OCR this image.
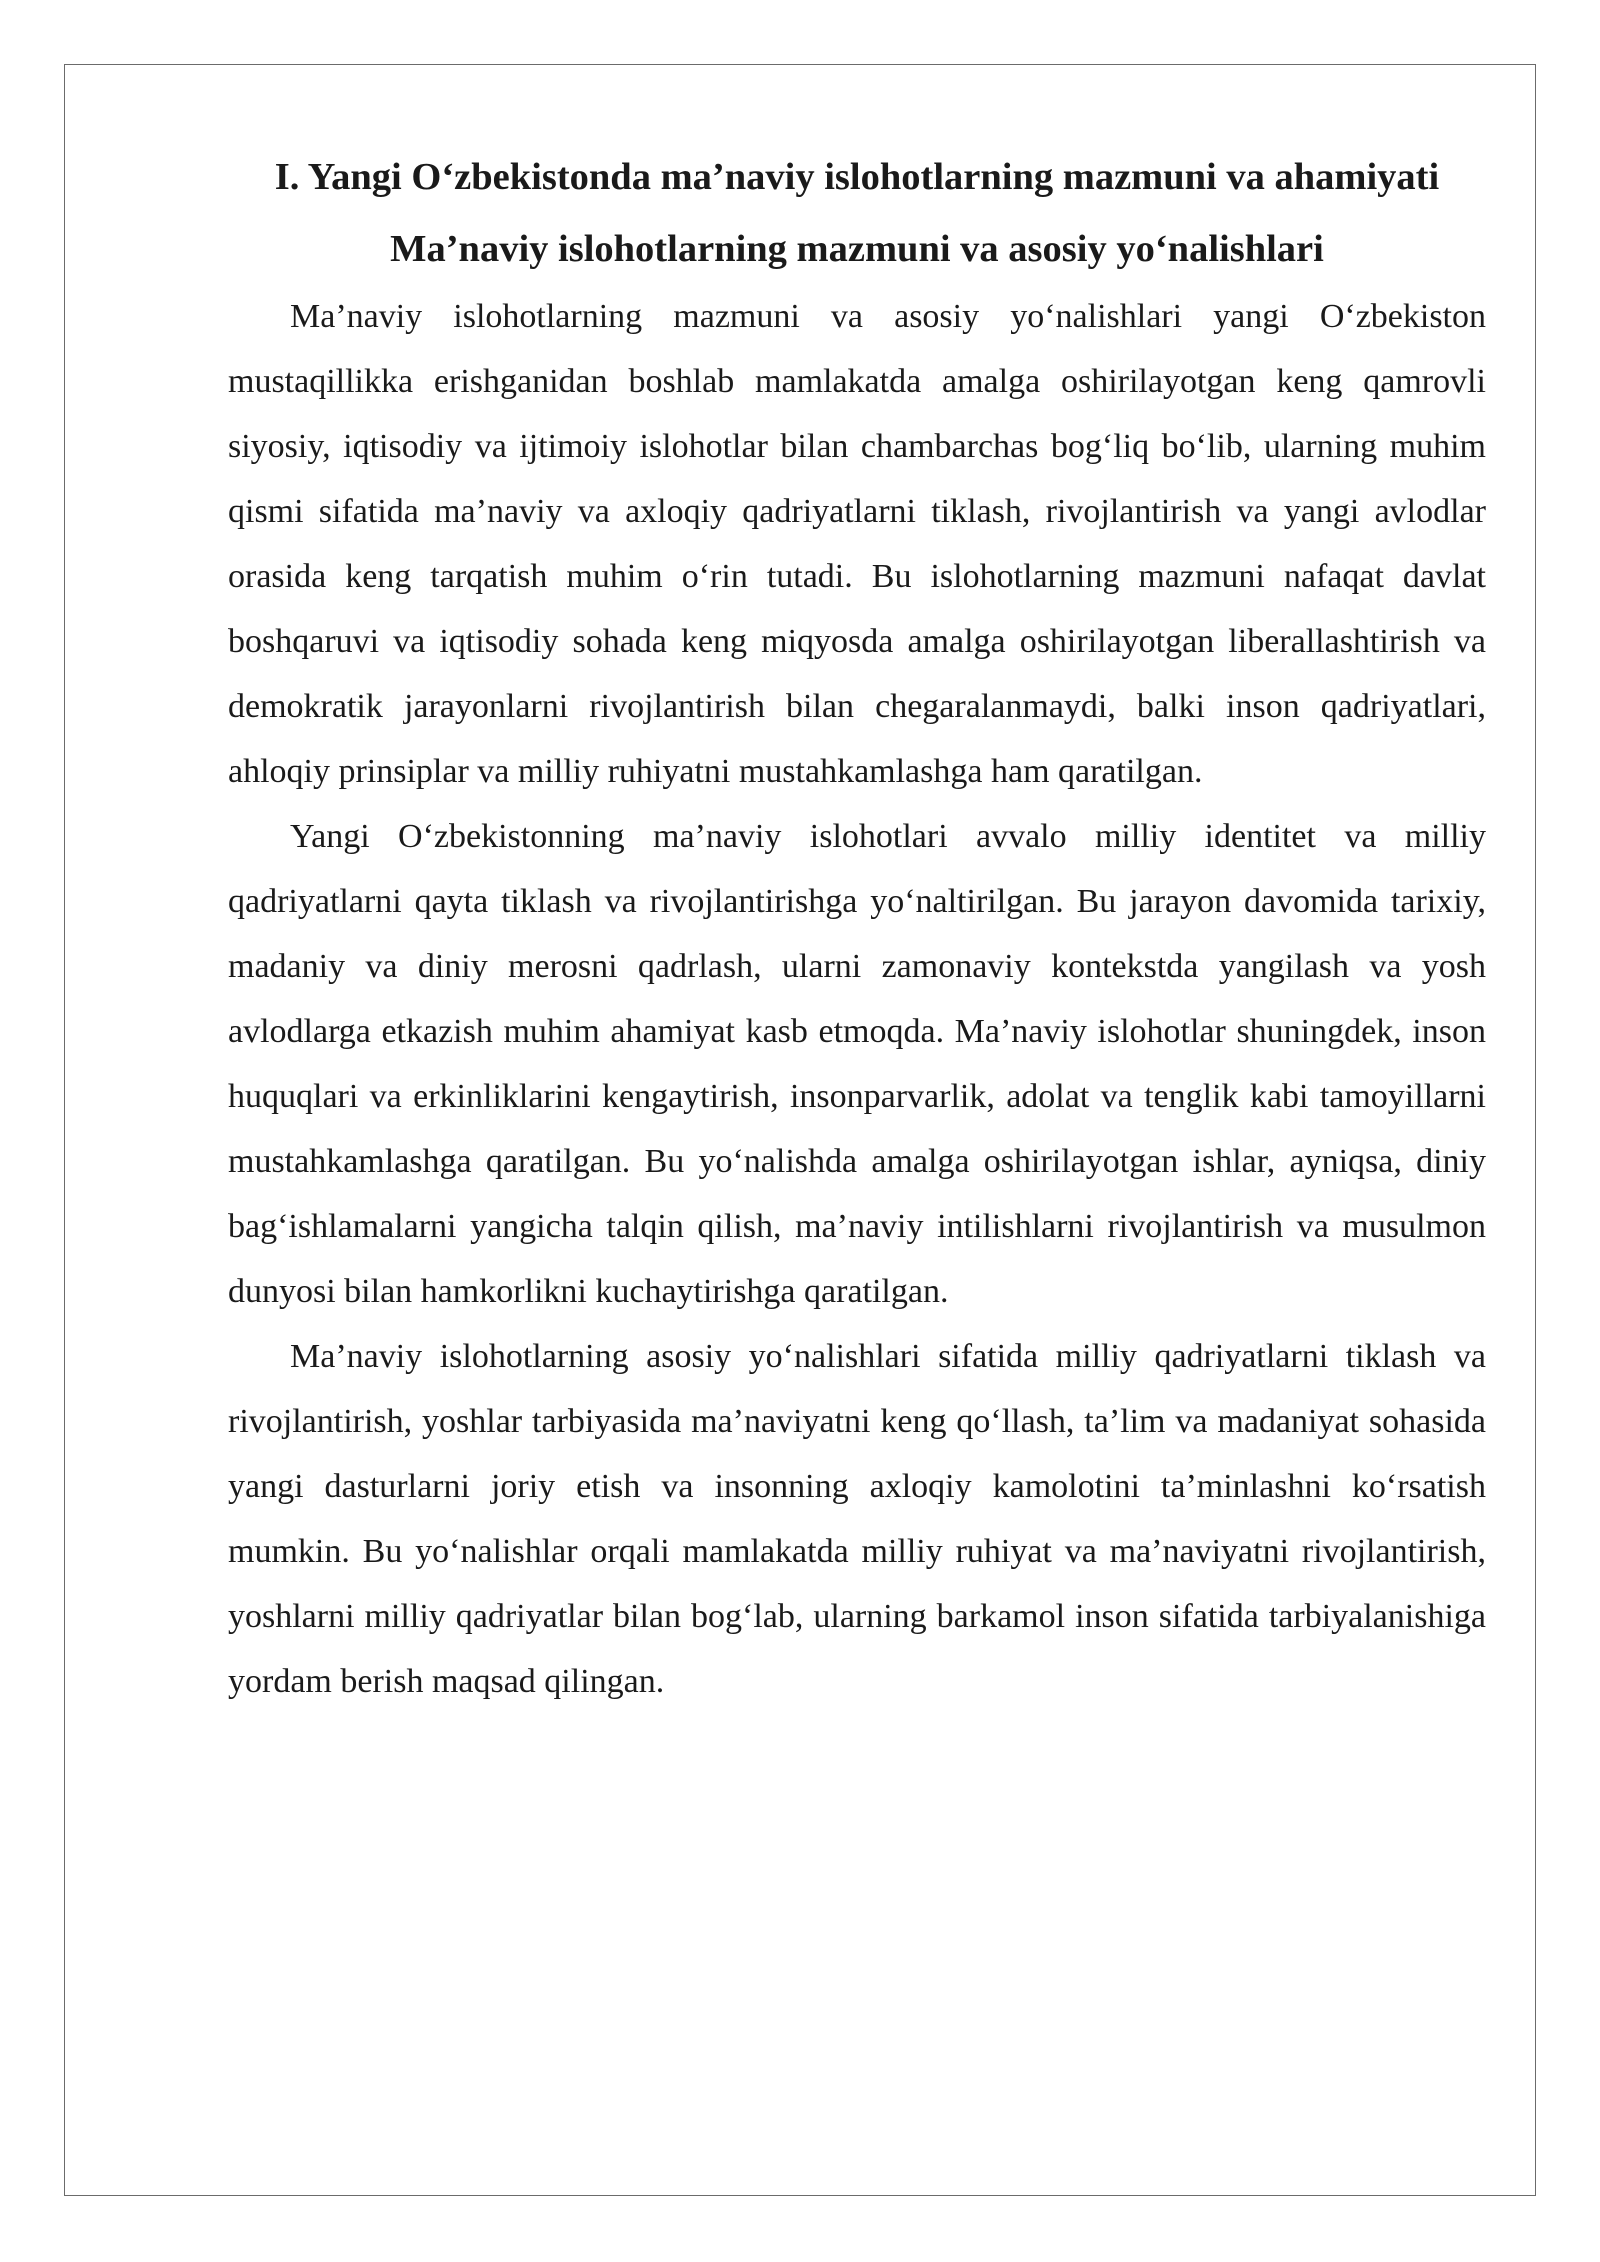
I. Yangi O‘zbekistonda ma’naviy islohotlarning mazmuni va ahamiyati
Ma’naviy islohotlarning mazmuni va asosiy yo‘nalishlari

Ma’naviy islohotlarning mazmuni va asosiy yo‘nalishlari yangi O‘zbekiston mustaqillikka erishganidan boshlab mamlakatda amalga oshirilayotgan keng qamrovli siyosiy, iqtisodiy va ijtimoiy islohotlar bilan chambarchas bog‘liq bo‘lib, ularning muhim qismi sifatida ma’naviy va axloqiy qadriyatlarni tiklash, rivojlantirish va yangi avlodlar orasida keng tarqatish muhim o‘rin tutadi. Bu islohotlarning mazmuni nafaqat davlat boshqaruvi va iqtisodiy sohada keng miqyosda amalga oshirilayotgan liberallashtirish va demokratik jarayonlarni rivojlantirish bilan chegaralanmaydi, balki inson qadriyatlari, ahloqiy prinsiplar va milliy ruhiyatni mustahkamlashga ham qaratilgan.

Yangi O‘zbekistonning ma’naviy islohotlari avvalo milliy identitet va milliy qadriyatlarni qayta tiklash va rivojlantirishga yo‘naltirilgan. Bu jarayon davomida tarixiy, madaniy va diniy merosni qadrlash, ularni zamonaviy kontekstda yangilash va yosh avlodlarga etkazish muhim ahamiyat kasb etmoqda. Ma’naviy islohotlar shuningdek, inson huquqlari va erkinliklarini kengaytirish, insonparvarlik, adolat va tenglik kabi tamoyillarni mustahkamlashga qaratilgan. Bu yo‘nalishda amalga oshirilayotgan ishlar, ayniqsa, diniy bag‘ishlamalarni yangicha talqin qilish, ma’naviy intilishlarni rivojlantirish va musulmon dunyosi bilan hamkorlikni kuchaytirishga qaratilgan.

Ma’naviy islohotlarning asosiy yo‘nalishlari sifatida milliy qadriyatlarni tiklash va rivojlantirish, yoshlar tarbiyasida ma’naviyatni keng qo‘llash, ta’lim va madaniyat sohasida yangi dasturlarni joriy etish va insonning axloqiy kamolotini ta’minlashni ko‘rsatish mumkin. Bu yo‘nalishlar orqali mamlakatda milliy ruhiyat va ma’naviyatni rivojlantirish, yoshlarni milliy qadriyatlar bilan bog‘lab, ularning barkamol inson sifatida tarbiyalanishiga yordam berish maqsad qilingan.
